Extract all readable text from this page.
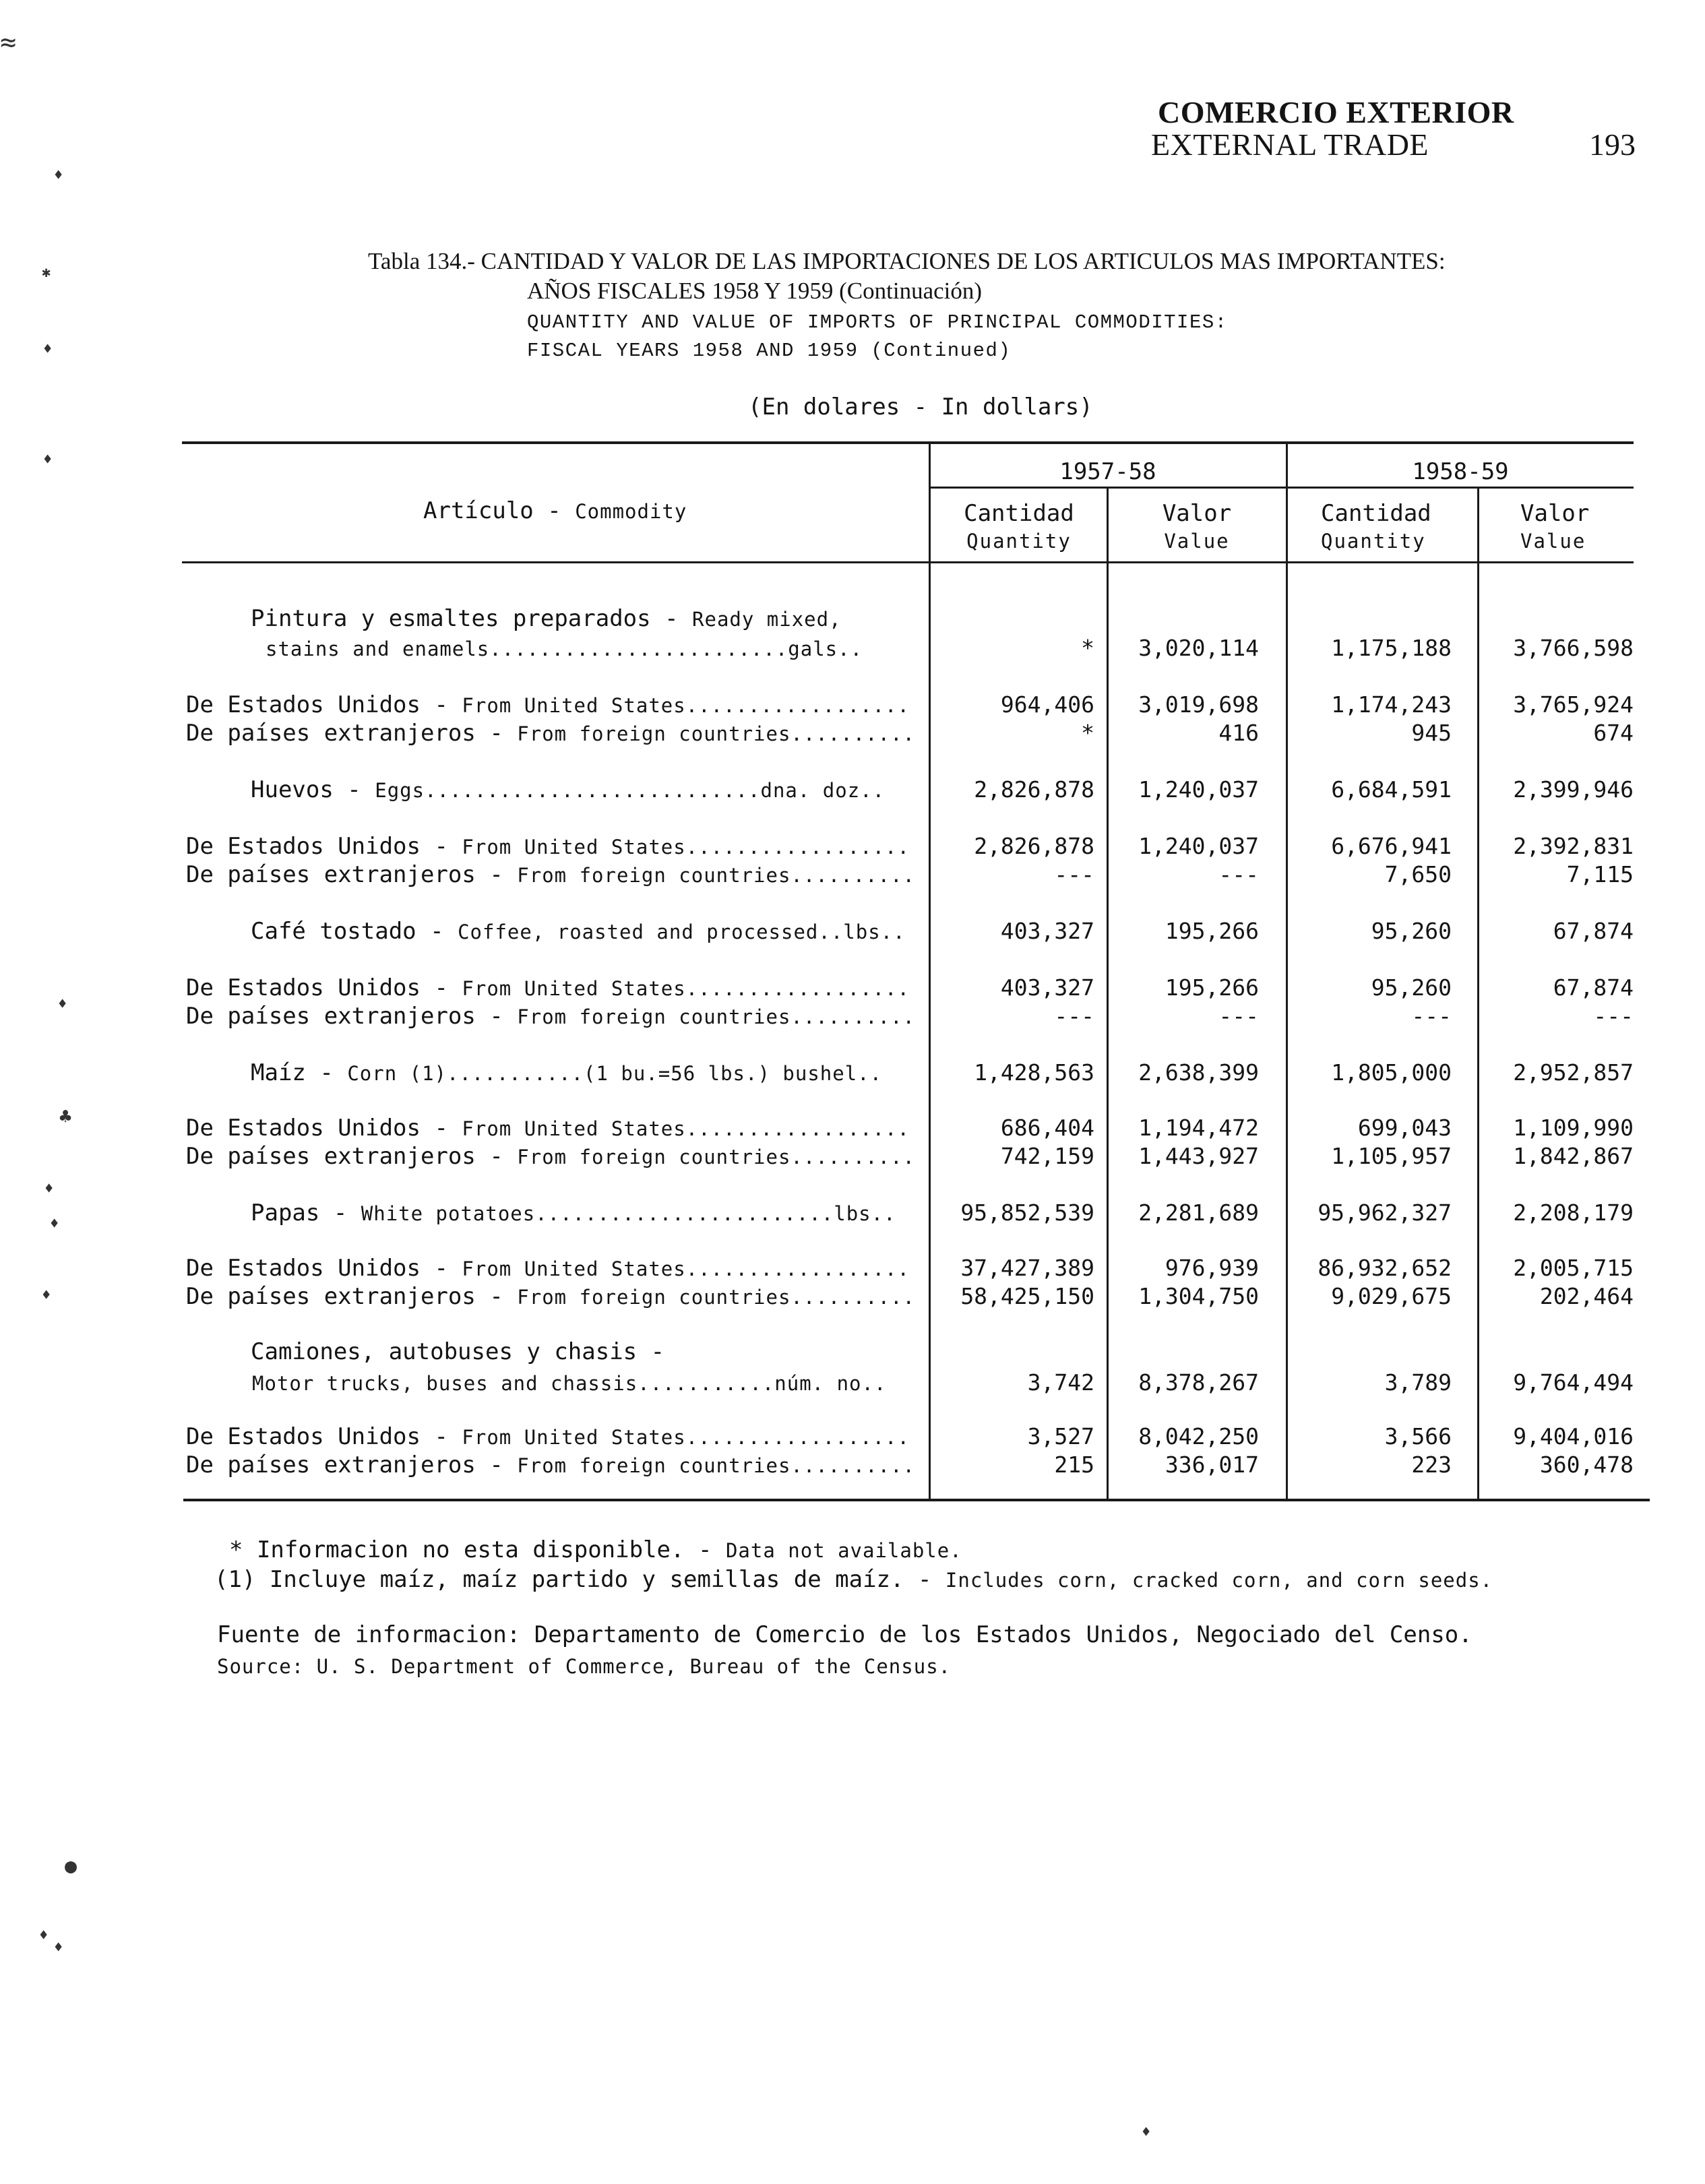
COMERCIO EXTERIOR
EXTERNAL TRADE	193
Tabla 134.- CANTIDAD Y VALOR DE LAS IMPORTACIONES DE LOS ARTICULOS MAS IMPORTANTES:
AÑOS FISCALES 1958 Y 1959 (Continuación)
QUANTITY AND VALUE OF IMPORTS OF PRINCIPAL COMMODITIES:
FISCAL YEARS 1958 AND 1959 (Continued)
(En dolares - In dollars)
Artículo - Commodity
1957-58	1958-59
Cantidad
Quantity
Valor
Value
Cantidad
Quantity
Valor
Value
Pintura y esmaltes preparados - Ready mixed,
stains and enamels........................gals..	* 3,020,114	1,175,188	3,766,598
De Estados Unidos - From United States..................	964,406 3,019,698	1,174,243	3,765,924
De países extranjeros - From foreign countries..........	*	416	945	674
Huevos - Eggs...........................dna. doz..	2,826,878 1,240,037	6,684,591	2,399,946
De Estados Unidos - From United States..................	2,826,878 1,240,037	6,676,941	2,392,831
De países extranjeros - From foreign countries..........	---	---	7,650	7,115
Café tostado - Coffee, roasted and processed..lbs..	403,327	195,266	95,260	67,874
De Estados Unidos - From United States..................	403,327	195,266	95,260	67,874
De países extranjeros - From foreign countries..........	---	---	---	---
Maíz - Corn (1)...........(1 bu.=56 lbs.) bushel..	1,428,563 2,638,399	1,805,000	2,952,857
De Estados Unidos - From United States..................	686,404 1,194,472	699,043	1,109,990
De países extranjeros - From foreign countries..........	742,159 1,443,927	1,105,957	1,842,867
Papas - White potatoes........................lbs..	95,852,539 2,281,689	95,962,327	2,208,179
De Estados Unidos - From United States.................. 37,427,389	976,939	86,932,652	2,005,715
De países extranjeros - From foreign countries.......... 58,425,150 1,304,750	9,029,675	202,464
Camiones, autobuses y chasis -
Motor trucks, buses and chassis...........núm. no..	3,742 8,378,267	3,789	9,764,494
De Estados Unidos - From United States..................	3,527 8,042,250	3,566	9,404,016
De países extranjeros - From foreign countries..........	215	336,017	223	360,478
* Informacion no esta disponible. - Data not available.
(1) Incluye maíz, maíz partido y semillas de maíz. - Includes corn, cracked corn, and corn seeds.
Fuente de informacion: Departamento de Comercio de los Estados Unidos, Negociado del Censo.
Source: U. S. Department of Commerce, Bureau of the Census.
≈
♦
✱
♦
♦
♦
♣
♦
♦
♦
●
♦
♦
♦
